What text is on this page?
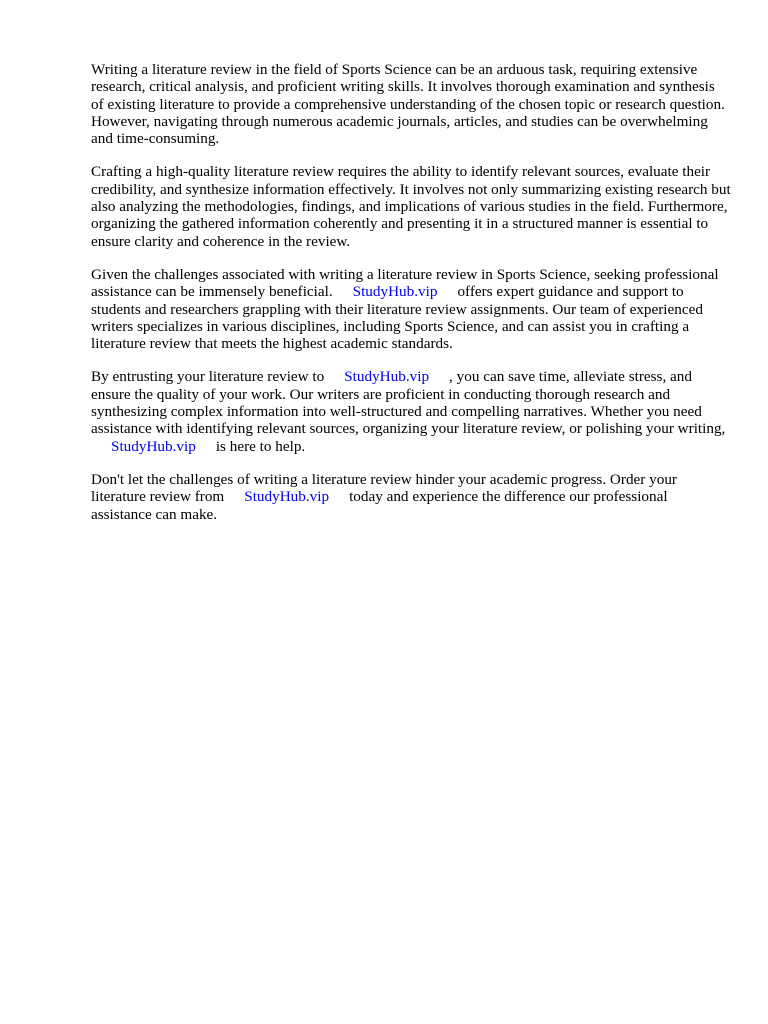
Writing a literature review in the field of Sports Science can be an arduous task, requiring extensive research, critical analysis, and proficient writing skills. It involves thorough examination and synthesis of existing literature to provide a comprehensive understanding of the chosen topic or research question. However, navigating through numerous academic journals, articles, and studies can be overwhelming and time-consuming.

Crafting a high-quality literature review requires the ability to identify relevant sources, evaluate their credibility, and synthesize information effectively. It involves not only summarizing existing research but also analyzing the methodologies, findings, and implications of various studies in the field. Furthermore, organizing the gathered information coherently and presenting it in a structured manner is essential to ensure clarity and coherence in the review.

Given the challenges associated with writing a literature review in Sports Science, seeking professional assistance can be immensely beneficial. StudyHub.vip offers expert guidance and support to students and researchers grappling with their literature review assignments. Our team of experienced writers specializes in various disciplines, including Sports Science, and can assist you in crafting a literature review that meets the highest academic standards.

By entrusting your literature review to StudyHub.vip , you can save time, alleviate stress, and ensure the quality of your work. Our writers are proficient in conducting thorough research and synthesizing complex information into well-structured and compelling narratives. Whether you need assistance with identifying relevant sources, organizing your literature review, or polishing your writing,StudyHub.vip is here to help.

Don't let the challenges of writing a literature review hinder your academic progress. Order your literature review from StudyHub.vip today and experience the difference our professional assistance can make.
